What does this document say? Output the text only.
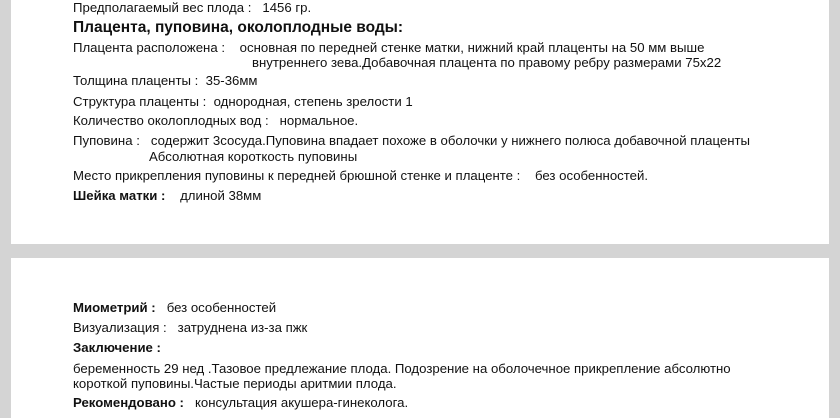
Предполагаемый вес плода : 1456 гр.
Плацента, пуповина, околоплодные воды:
Плацента расположена : основная по передней стенке матки, нижний край плаценты на 50 мм выше
внутреннего зева.Добавочная плацента по правому ребру размерами 75х22
Толщина плаценты : 35-36мм
Структура плаценты : однородная, степень зрелости 1
Количество околоплодных вод : нормальное.
Пуповина : содержит 3сосуда.Пуповина впадает похоже в оболочки у нижнего полюса добавочной плаценты
Абсолютная короткость пуповины
Место прикрепления пуповины к передней брюшной стенке и плаценте : без особенностей.
Шейка матки : длиной 38мм
Миометрий : без особенностей
Визуализация : затруднена из-за пжк
Заключение :
беременность 29 нед .Тазовое предлежание плода. Подозрение на оболочечное прикрепление абсолютно
короткой пуповины.Частые периоды аритмии плода.
Рекомендовано : консультация акушера-гинеколога.
